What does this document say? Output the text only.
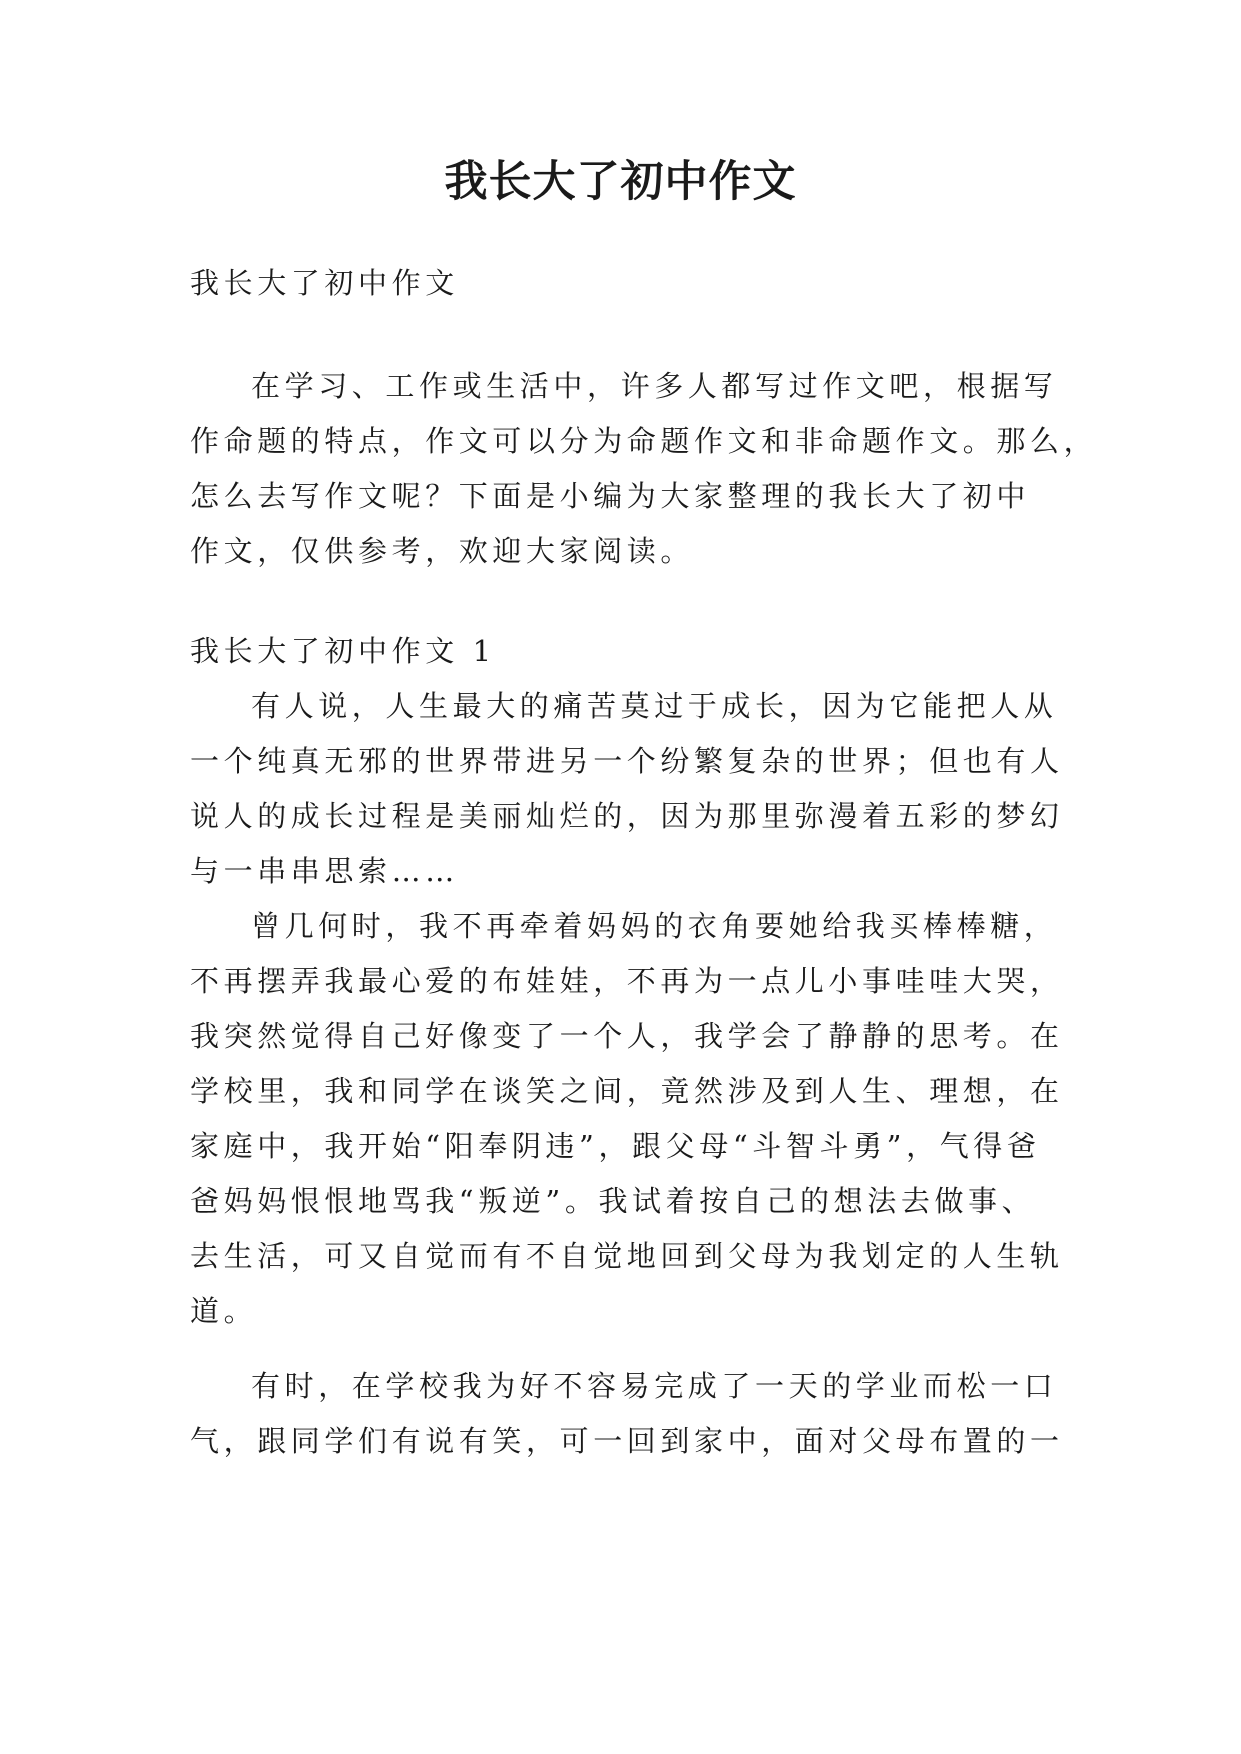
我长大了初中作文
我长大了初中作文
在学习、工作或生活中，许多人都写过作文吧，根据写
作命题的特点，作文可以分为命题作文和非命题作文。那么，
怎么去写作文呢？下面是小编为大家整理的我长大了初中
作文，仅供参考，欢迎大家阅读。
我长大了初中作文 1
有人说，人生最大的痛苦莫过于成长，因为它能把人从
一个纯真无邪的世界带进另一个纷繁复杂的世界；但也有人
说人的成长过程是美丽灿烂的，因为那里弥漫着五彩的梦幻
与一串串思索……
曾几何时，我不再牵着妈妈的衣角要她给我买棒棒糖，
不再摆弄我最心爱的布娃娃，不再为一点儿小事哇哇大哭，
我突然觉得自己好像变了一个人，我学会了静静的思考。在
学校里，我和同学在谈笑之间，竟然涉及到人生、理想，在
家庭中，我开始“阳奉阴违”，跟父母“斗智斗勇”，气得爸
爸妈妈恨恨地骂我“叛逆”。我试着按自己的想法去做事、
去生活，可又自觉而有不自觉地回到父母为我划定的人生轨
道。
有时，在学校我为好不容易完成了一天的学业而松一口
气，跟同学们有说有笑，可一回到家中，面对父母布置的一
